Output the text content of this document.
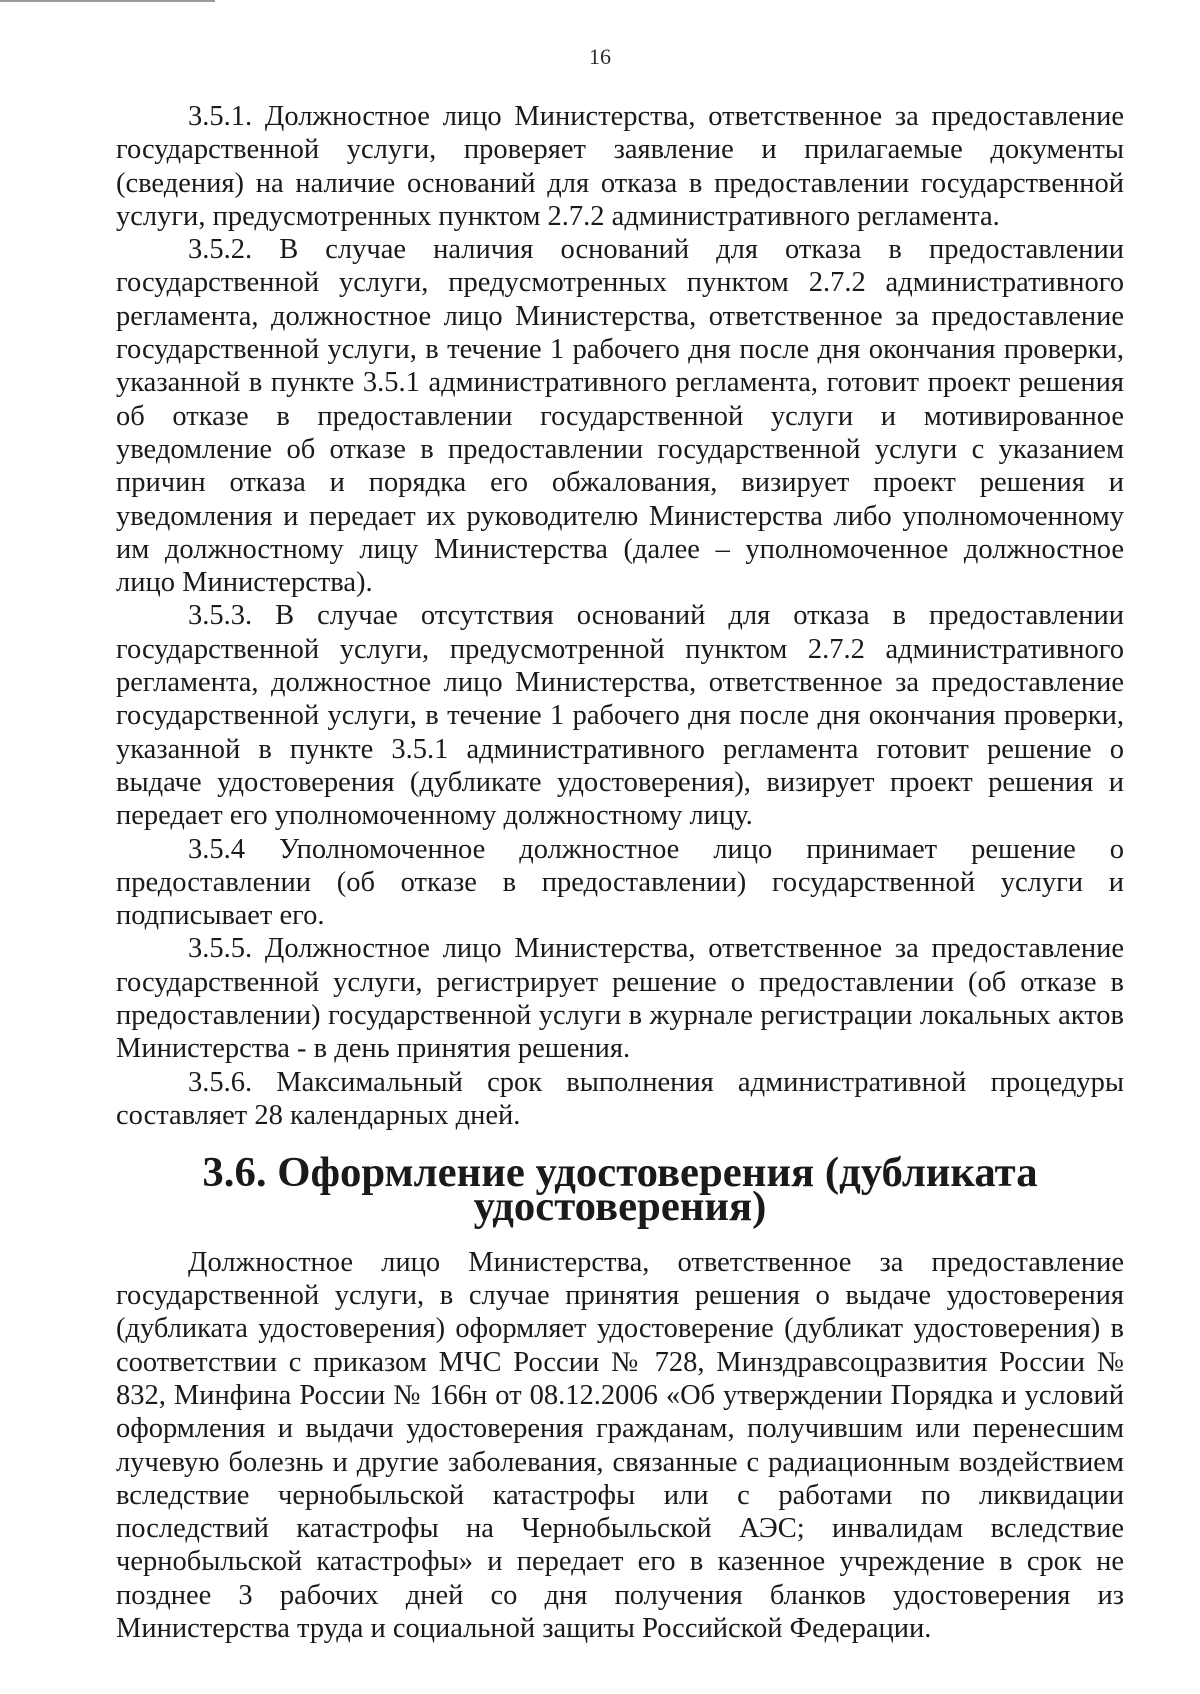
16

3.5.1. Должностное лицо Министерства, ответственное за предоставление государственной услуги, проверяет заявление и прилагаемые документы (сведения) на наличие оснований для отказа в предоставлении государственной услуги, предусмотренных пунктом 2.7.2 административного регламента.

3.5.2. В случае наличия оснований для отказа в предоставлении государственной услуги, предусмотренных пунктом 2.7.2 административного регламента, должностное лицо Министерства, ответственное за предоставление государственной услуги, в течение 1 рабочего дня после дня окончания проверки, указанной в пункте 3.5.1 административного регламента, готовит проект решения об отказе в предоставлении государственной услуги и мотивированное уведомление об отказе в предоставлении государственной услуги с указанием причин отказа и порядка его обжалования, визирует проект решения и уведомления и передает их руководителю Министерства либо уполномоченному им должностному лицу Министерства (далее – уполномоченное должностное лицо Министерства).

3.5.3. В случае отсутствия оснований для отказа в предоставлении государственной услуги, предусмотренной пунктом 2.7.2 административного регламента, должностное лицо Министерства, ответственное за предоставление государственной услуги, в течение 1 рабочего дня после дня окончания проверки, указанной в пункте 3.5.1 административного регламента готовит решение о выдаче удостоверения (дубликате удостоверения), визирует проект решения и передает его уполномоченному должностному лицу.

3.5.4 Уполномоченное должностное лицо принимает решение о предоставлении (об отказе в предоставлении) государственной услуги и подписывает его.

3.5.5. Должностное лицо Министерства, ответственное за предоставление государственной услуги, регистрирует решение о предоставлении (об отказе в предоставлении) государственной услуги в журнале регистрации локальных актов Министерства - в день принятия решения.

3.5.6. Максимальный срок выполнения административной процедуры составляет 28 календарных дней.

3.6. Оформление удостоверения (дубликата удостоверения)

Должностное лицо Министерства, ответственное за предоставление государственной услуги, в случае принятия решения о выдаче удостоверения (дубликата удостоверения) оформляет удостоверение (дубликат удостоверения) в соответствии с приказом МЧС России № 728, Минздравсоцразвития России № 832, Минфина России № 166н от 08.12.2006 «Об утверждении Порядка и условий оформления и выдачи удостоверения гражданам, получившим или перенесшим лучевую болезнь и другие заболевания, связанные с радиационным воздействием вследствие чернобыльской катастрофы или с работами по ликвидации последствий катастрофы на Чернобыльской АЭС; инвалидам вследствие чернобыльской катастрофы» и передает его в казенное учреждение в срок не позднее 3 рабочих дней со дня получения бланков удостоверения из Министерства труда и социальной защиты Российской Федерации.
